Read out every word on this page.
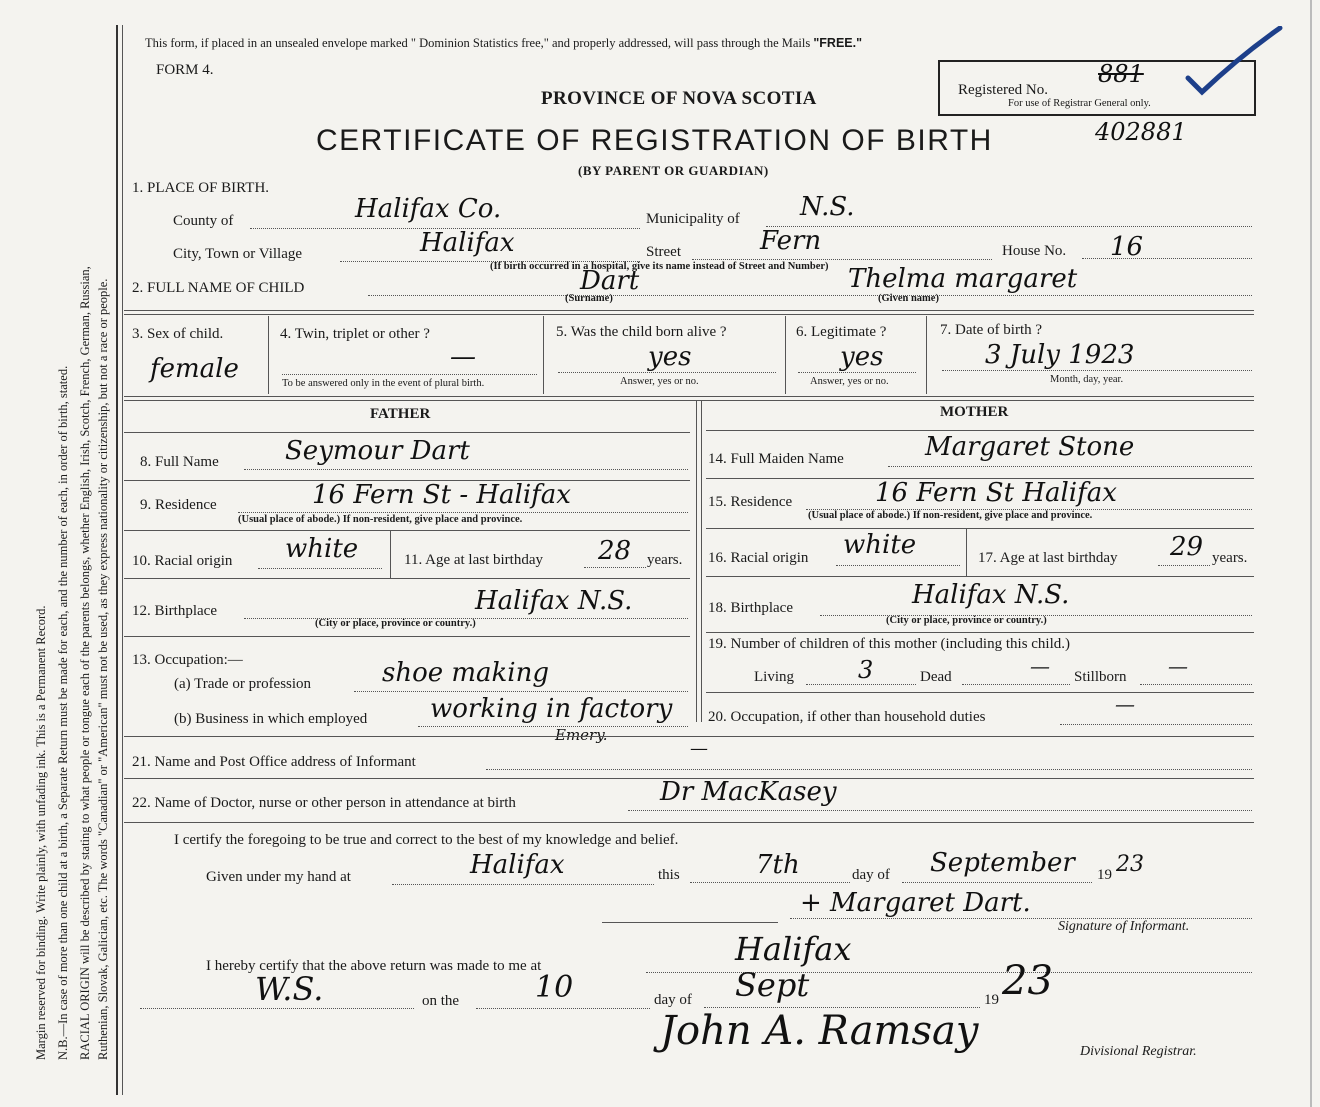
Margin reserved for binding. Write plainly, with unfading ink. This is a Permanent Record. N.B.—In case of more than one child at a birth, a Separate Return must be made for each, and the number of each, in order of birth, stated. RACIAL ORIGIN will be described by stating to what people or tongue each of the parents belongs, whether English, Irish, Scotch, French, German, Russian, Ruthenian, Slovak, Galician, etc. The words "Canadian" or "American" must not be used, as they express nationality or citizenship, but not a race or people.
This form, if placed in an unsealed envelope marked " Dominion Statistics free," and properly addressed, will pass through the Mails "FREE."
FORM 4.
Registered No.
881
For use of Registrar General only.
PROVINCE OF NOVA SCOTIA
CERTIFICATE OF REGISTRATION OF BIRTH	402881
(BY PARENT OR GUARDIAN)
1. PLACE OF BIRTH.
County of	Halifax Co.	Municipality of N.S.
City, Town or Village	Halifax	Street	Fern	House No. 16
(If birth occurred in a hospital, give its name instead of Street and Number)
2. FULL NAME OF CHILD	Dart
(Surname)
Thelma margaret
(Given name)
3. Sex of child.
female
4. Twin, triplet or other ?
—
To be answered only in the event of plural birth.
5. Was the child born alive ?
yes
Answer, yes or no.
6. Legitimate ?
yes
Answer, yes or no.
7. Date of birth ?
3 July 1923
Month, day, year.
FATHER
8. Full Name	Seymour Dart
9. Residence	16 Fern St - Halifax
(Usual place of abode.) If non-resident, give place and province.
10. Racial origin white	11. Age at last birthday 28 years.
12. Birthplace	Halifax N.S.
(City or place, province or country.)
13. Occupation:—
(a) Trade or profession	shoe making
(b) Business in which employed working in factory
Emery.
MOTHER
14. Full Maiden Name	Margaret Stone
15. Residence	16 Fern St Halifax
(Usual place of abode.) If non-resident, give place and province.
16. Racial origin white	17. Age at last birthday 29 years.
18. Birthplace	Halifax N.S.
(City or place, province or country.)
19. Number of children of this mother (including this child.)
Living	3	Dead	— Stillborn —
20. Occupation, if other than household duties
—
21. Name and Post Office address of Informant
—
22. Name of Doctor, nurse or other person in attendance at birth	Dr MacKasey
I certify the foregoing to be true and correct to the best of my knowledge and belief.
Given under my hand at	Halifax	this	7th	day of September 19 23
+ Margaret Dart.
Signature of Informant.
I hereby certify that the above return was made to me at	Halifax
W.S.	on the	10	day of Sept	19 23
John A. Ramsay	Divisional Registrar.
